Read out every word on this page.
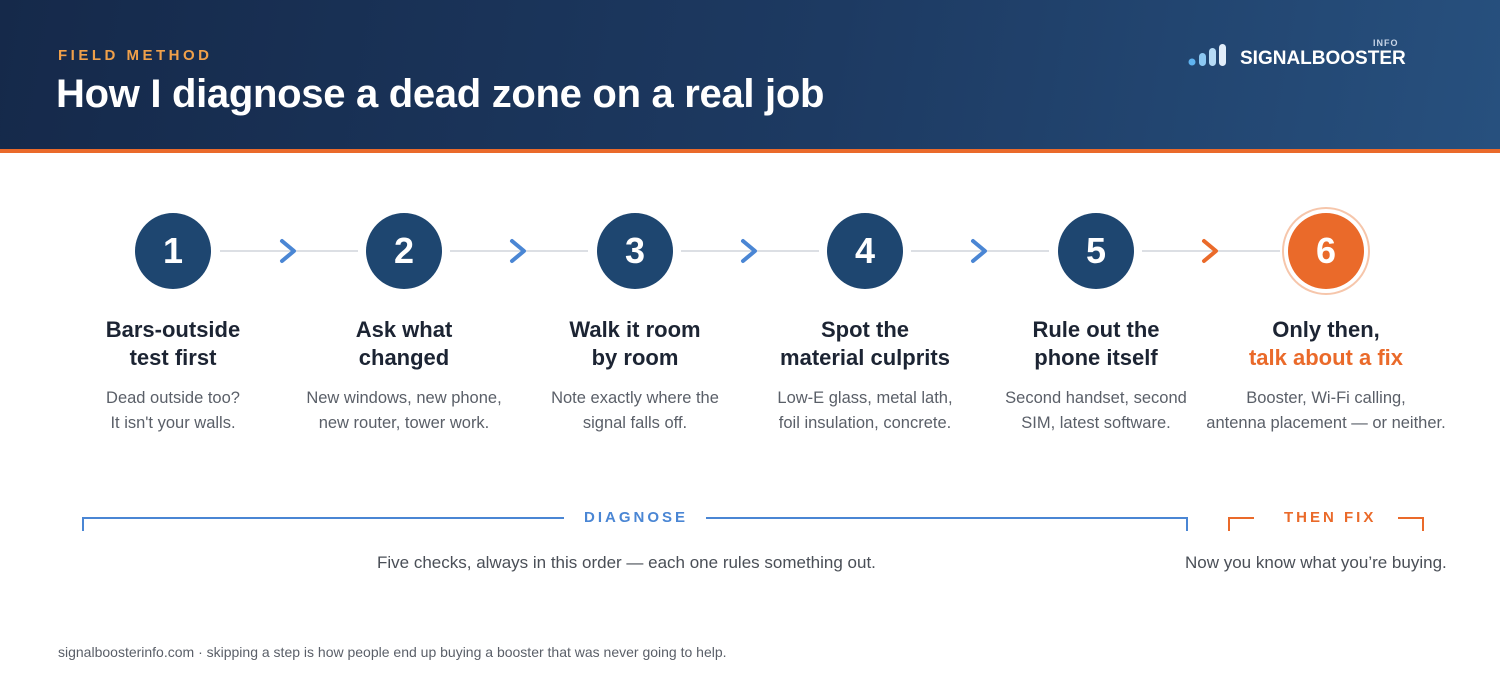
FIELD METHOD
How I diagnose a dead zone on a real job
SIGNALBOOSTER
INFO
1	2	3	4	5	6
Bars-outside
test first
Ask what
changed
Walk it room
by room
Spot the
material culprits
Rule out the
phone itself
Only then,
talk about a fix
Dead outside too?
It isn't your walls.
New windows, new phone,
new router, tower work.
Note exactly where the
signal falls off.
Low-E glass, metal lath,
foil insulation, concrete.
Second handset, second
SIM, latest software.
Booster, Wi-Fi calling,
antenna placement — or neither.
DIAGNOSE
Five checks, always in this order — each one rules something out.
THEN FIX
Now you know what you’re buying.
signalboosterinfo.com · skipping a step is how people end up buying a booster that was never going to help.
